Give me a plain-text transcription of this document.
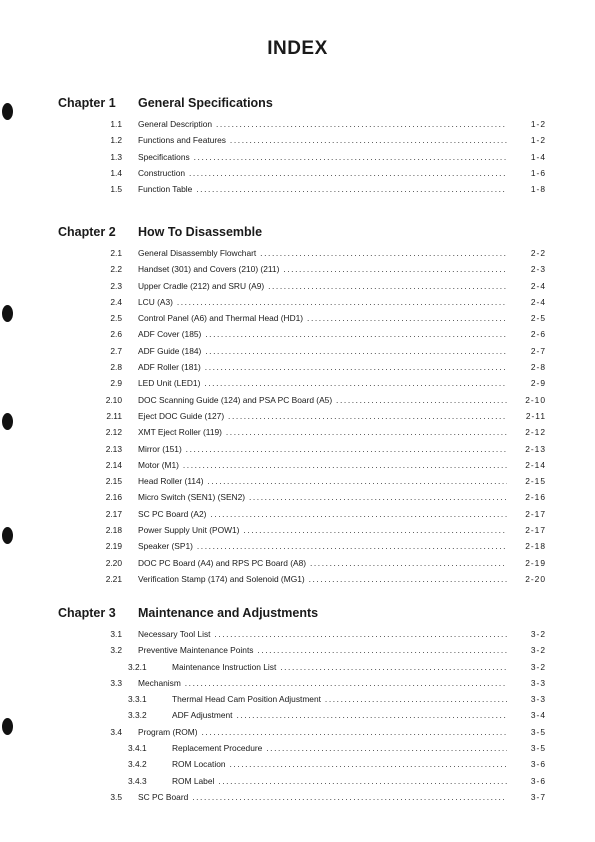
INDEX
Chapter 1	General Specifications
1.1 General Description .....	1-2
1.2 Functions and Features .....	1-2
1.3 Specifications .....	1-4
1.4 Construction .....	1-6
1.5 Function Table .....	1-8
Chapter 2	How To Disassemble
2.1 General Disassembly Flowchart .....	2-2
2.2 Handset (301) and Covers (210) (211) .....	2-3
2.3 Upper Cradle (212) and SRU (A9) .....	2-4
2.4 LCU (A3) .....	2-4
2.5 Control Panel (A6) and Thermal Head (HD1) .....	2-5
2.6 ADF Cover (185) .....	2-6
2.7 ADF Guide (184) .....	2-7
2.8 ADF Roller (181) .....	2-8
2.9 LED Unit (LED1) .....	2-9
2.10 DOC Scanning Guide (124) and PSA PC Board (A5) .....	2-10
2.11 Eject DOC Guide (127) .....	2-11
2.12 XMT Eject Roller (119) .....	2-12
2.13 Mirror (151) .....	2-13
2.14 Motor (M1) .....	2-14
2.15 Head Roller (114) .....	2-15
2.16 Micro Switch (SEN1) (SEN2) .....	2-16
2.17 SC PC Board (A2) .....	2-17
2.18 Power Supply Unit (POW1) .....	2-17
2.19 Speaker (SP1) .....	2-18
2.20 DOC PC Board (A4) and RPS PC Board (A8) .....	2-19
2.21 Verification Stamp (174) and Solenoid (MG1) .....	2-20
Chapter 3	Maintenance and Adjustments
3.1 Necessary Tool List .....	3-2
3.2 Preventive Maintenance Points .....	3-2
3.2.1	Maintenance Instruction List .....	3-2
3.3 Mechanism .....	3-3
3.3.1	Thermal Head Cam Position Adjustment .....	3-3
3.3.2	ADF Adjustment .....	3-4
3.4 Program (ROM) .....	3-5
3.4.1	Replacement Procedure .....	3-5
3.4.2	ROM Location .....	3-6
3.4.3	ROM Label .....	3-6
3.5 SC PC Board .....	3-7
